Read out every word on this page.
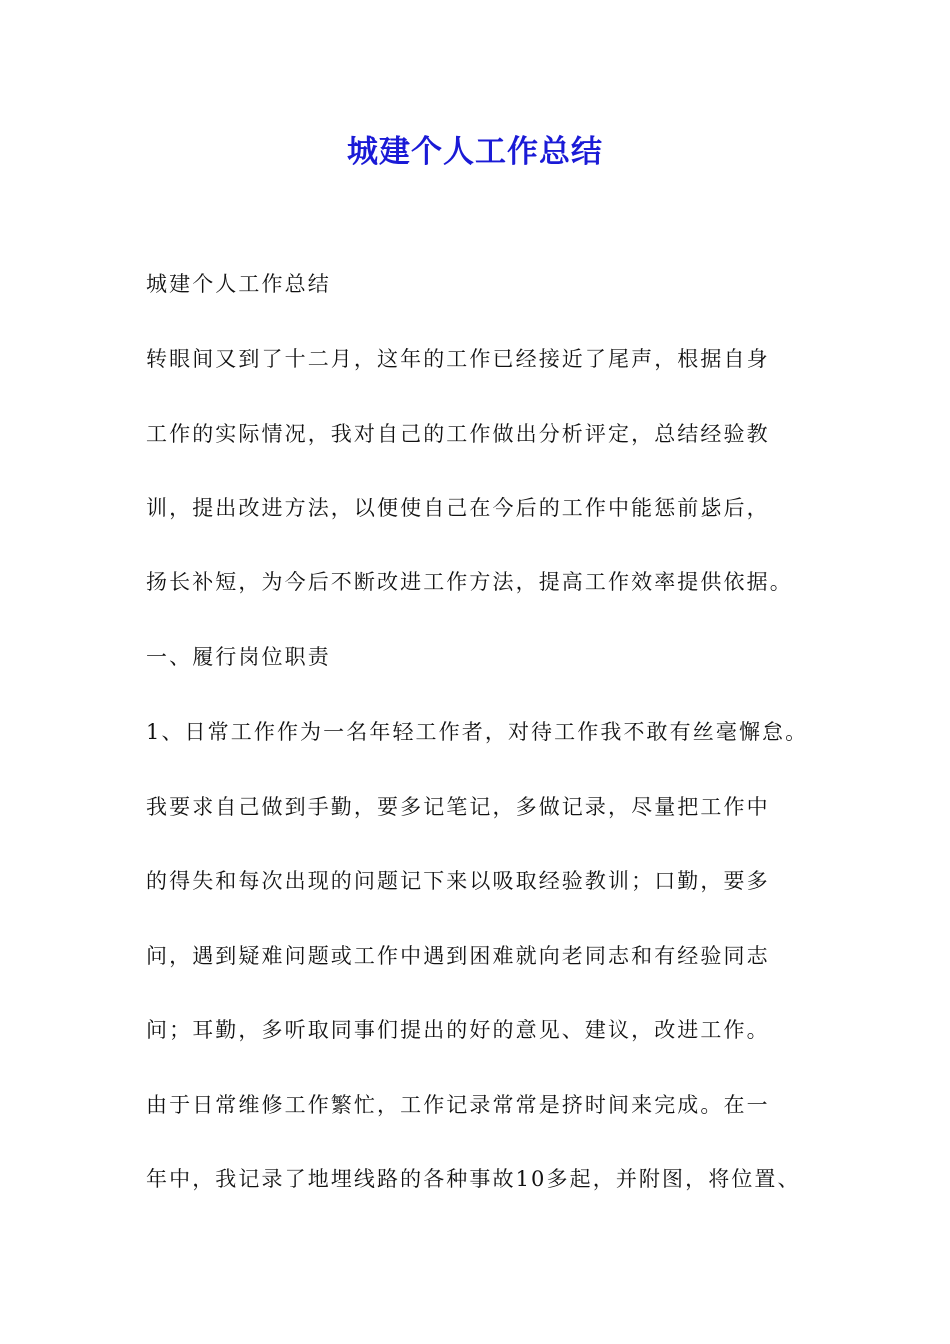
城建个人工作总结

城建个人工作总结

转眼间又到了十二月，这年的工作已经接近了尾声，根据自身

工作的实际情况，我对自己的工作做出分析评定，总结经验教

训，提出改进方法，以便使自己在今后的工作中能惩前毖后，

扬长补短，为今后不断改进工作方法，提高工作效率提供依据。

一、履行岗位职责

1、日常工作作为一名年轻工作者，对待工作我不敢有丝毫懈怠。

我要求自己做到手勤，要多记笔记，多做记录，尽量把工作中

的得失和每次出现的问题记下来以吸取经验教训；口勤，要多

问，遇到疑难问题或工作中遇到困难就向老同志和有经验同志

问；耳勤，多听取同事们提出的好的意见、建议，改进工作。

由于日常维修工作繁忙，工作记录常常是挤时间来完成。在一

年中，我记录了地埋线路的各种事故10多起，并附图，将位置、
